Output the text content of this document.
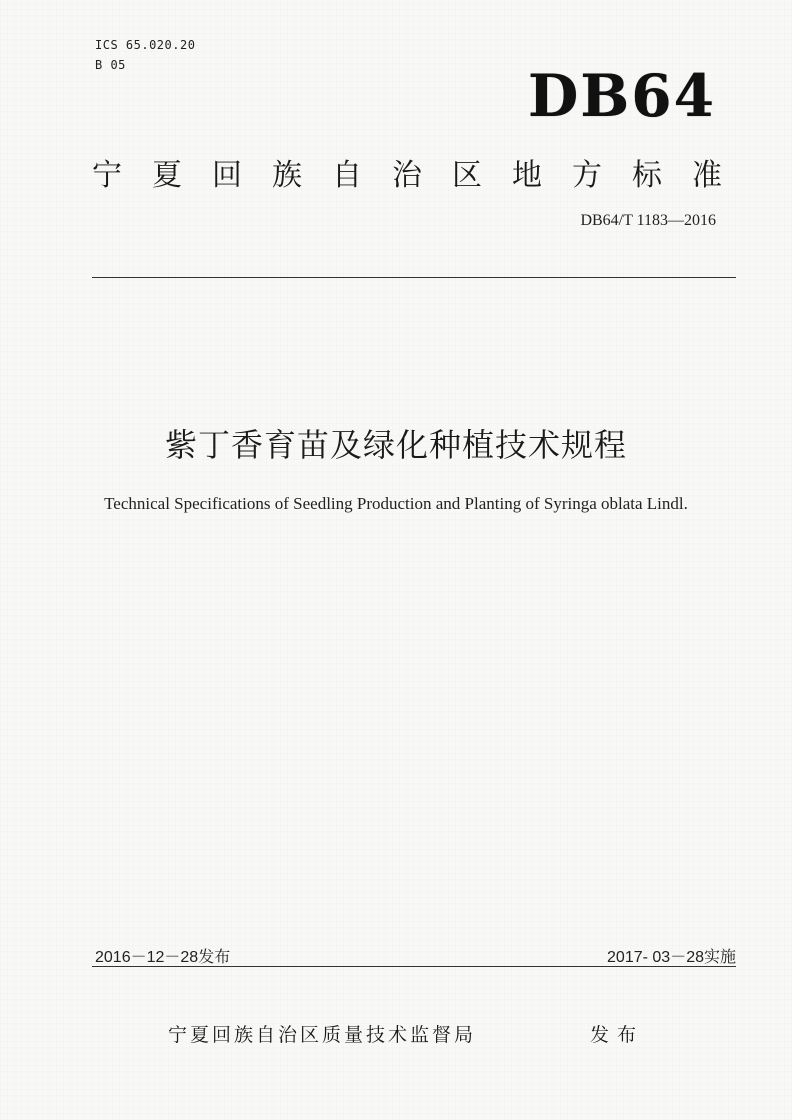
ICS 65.020.20
B 05	DB64
宁 夏 回 族 自 治 区 地 方 标 准
DB64/T 1183—2016
紫丁香育苗及绿化种植技术规程
Technical Specifications of Seedling Production and Planting of Syringa oblata Lindl.
2016－12－28发布	2017- 03－28实施
宁夏回族自治区质量技术监督局	发布
